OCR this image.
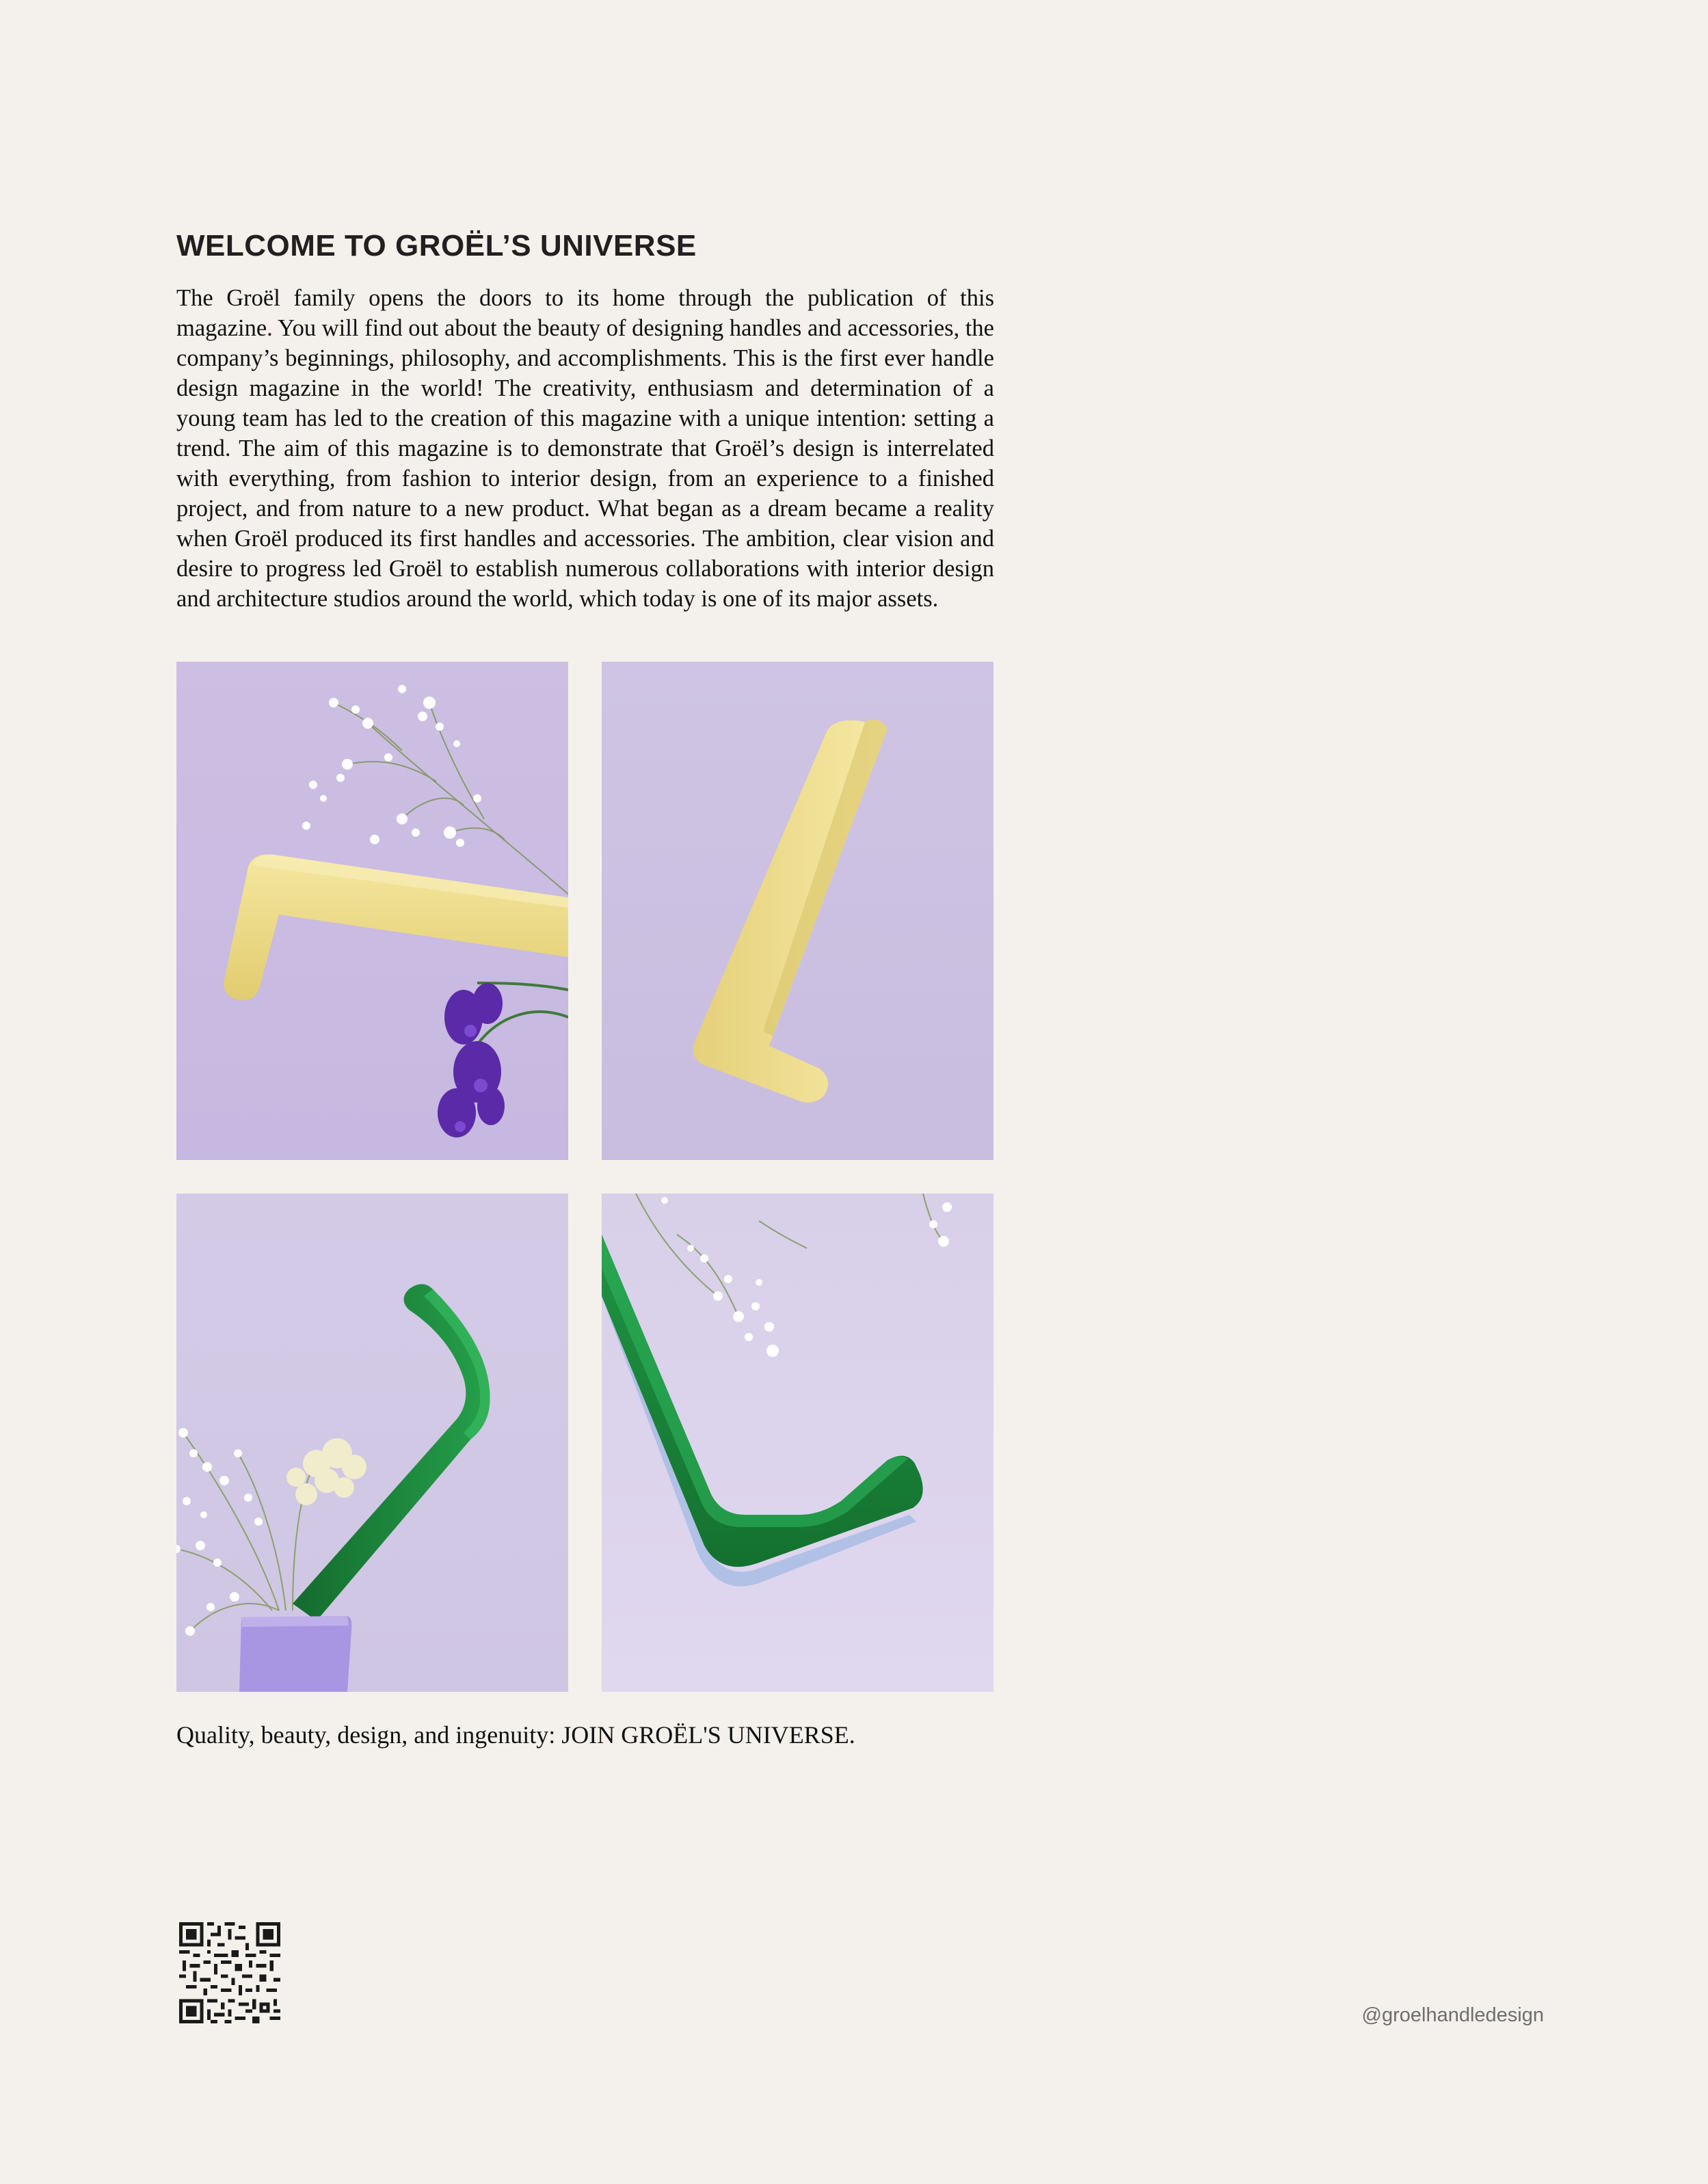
WELCOME TO GROËL’S UNIVERSE

The Groël family opens the doors to its home through the publication of this magazine. You will find out about the beauty of designing handles and accessories, the company’s beginnings, philosophy, and accomplishments. This is the first ever handle design magazine in the world! The creativity, enthusiasm and determination of a young team has led to the creation of this magazine with a unique intention: setting a trend. The aim of this magazine is to demonstrate that Groël’s design is interrelated with everything, from fashion to interior design, from an experience to a finished project, and from nature to a new product. What began as a dream became a reality when Groël produced its first handles and accessories. The ambition, clear vision and desire to progress led Groël to establish numerous collaborations with interior design and architecture studios around the world, which today is one of its major assets.

Quality, beauty, design, and ingenuity: JOIN GROËL'S UNIVERSE.

@groelhandledesign
